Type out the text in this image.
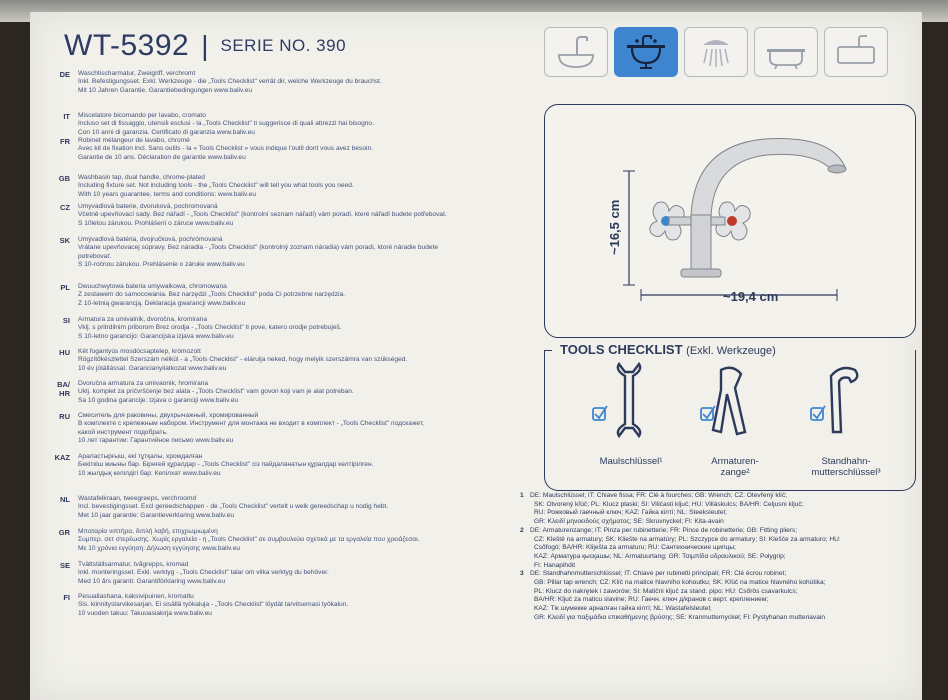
WT-5392 | SERIE NO. 390
DE Waschtischarmatur, Zweigriff, verchromt
Inkl. Befestigungsset. Exkl. Werkzeuge - die „Tools Checklist" verrät dir, welche Werkzeuge du brauchst.
Mit 10 Jahren Garantie. Garantiebedingungen www.baliv.eu
IT Miscelatore bicomando per lavabo, cromato
Incluso set di fissaggio, utensili esclusi - la „Tools Checklist" ti suggerisce di quali attrezzi hai bisogno.
Con 10 anni di garanzia. Certificato di garanzia www.baliv.eu
FR Robinet mélangeur de lavabo, chromé
Avec kit de fixation incl. Sans outils - la « Tools Checklist » vous indique l'outil dont vous avez besoin.
Garantie de 10 ans. Déclaration de garantie www.baliv.eu
GB Washbasin tap, dual handle, chrome-plated
Including fixture set. Not including tools - the „Tools Checklist" will tell you what tools you need.
With 10 years guarantee, terms and conditions: www.baliv.eu
CZ Umyvadlová baterie, dvoruková, pochromovaná
Včetně upevňovací sady. Bez nářadí - „Tools Checklist" (kontrolní seznam nářadí) vám poradí, které nářadí budete potřebovat.
S 10letou zárukou. Prohlášení o záruce www.baliv.eu
SK Umývadlová batéria, dvojručková, pochrómovaná
Vrátane upevňovacej súpravy. Bez náradia - „Tools Checklist" (kontrolný zoznam náradia) vám poradí, ktoré náradie budete
potrebovať.
S 10-ročnou zárukou. Prehlásenie o záruke www.baliv.eu
PL Dwuuchwytowa bateria umywalkowa, chromowana
Z zestawem do samocowania. Bez narzędzi „Tools Checklist" poda Ci potrzebne narzędzia.
Z 10-letnią gwarancją. Deklaracja gwarancji www.baliv.eu
SI Armatura za umivalnik, dvoročna, kromirana
Vklj. s pritrdilnim priborom Brez orodja - „Tools Checklist" ti pove, katero orodje potrebuješ.
S 10-letno garancijo: Garancijska izjava www.baliv.eu
HU Két fogantyús mosdócsaptelep, krómozott
Rögzítőkészlettel Szerszám nélkül - a „Tools Checklist" - elárulja neked, hogy melyik szerszámra van szükséged.
10 év jótállással. Garancianyilatkozat www.baliv.eu
BA/
HR
Dvoručna armatura za umivaonik, hromirana
Uklj. komplet za pričvršćenje bez alata - „Tools Checklist" vam govori koji vam je alat potreban.
Sa 10 godina garancije: Izjava o garanciji www.baliv.eu
RU Смеситель для раковины, двухрычажный, хромированный
В комплекте с крепежным набором. Инструмент для монтажа не входит в комплект - „Tools Checklist" подскажет,
какой инструмент подобрать.
10 лет гарантии: Гарантийное письмо www.baliv.eu
KAZ Араластырғыш, екі тұтқалы, хромдалған
Бекіткіш жиыны бар. Біреғей құралдар - „Tools Checklist" сіз пайдаланатын құралдар келтірілген.
10 жылдық кепілдігі бар: Кепілхат www.baliv.eu
NL Wastafelkraan, tweegreeps, verchroomd
Incl. bevestigingsset. Excl gereedschappen - de „Tools Checklist" vertelt u welk gereedschap u nodig hebt.
Met 10 jaar garantie: Garantieverklaring www.baliv.eu
GR Μπαταρία νιπτήρα, διπλή λαβή, επιχρωμιωμένη
Συμπερ. σετ στερέωσης. Χωρίς εργαλεία - η „Tools Checklist" σε συμβουλεύει σχετικά με τα εργαλεία που χρειάζεσαι.
Με 10 χρόνια εγγύηση: Δήλωση εγγύησης www.baliv.eu
SE Tvättställsarmatur, tvågrepps, kromad
Inkl. monteringsset. Exkl. verktyg - „Tools Checklist" talar om vilka verktyg du behöver.
Med 10 års garanti: Garantiförklaring www.baliv.eu
FI Pesuallashana, kaksivipuinen, kromattu
Sis. kiinnitystarvikesarjan. Ei sisällä työkaluja - „Tools Checklist" löydät tarvitsemasi työkalun.
10 vuoden takuu: Takuuasiakirja www.baliv.eu
~16,5 cm
~19,4 cm
Maulschlüssel¹	Armaturen-
zange²
Standhahn-
mutterschlüssel³
TOOLS CHECKLIST (Exkl. Werkzeuge)
1 DE: Maulschlüssel; IT: Chiave fissa; FR: Clé à fourches; GB: Wrench; CZ: Otevřený klíč;
SK: Otvorený kľúč; PL: Klucz płaski; SI: Viličasti ključ; HU: Villáskulcs; BA/HR: Čeljusni ključ;
RU: Рожковый гаечный ключ; KAZ: Гайка кілті; NL: Steeksleutel;
GR: Κλειδί μηνοειδούς σχήματος; SE: Skruvnyckel; FI: Kita-avain
2 DE: Armaturenzange; IT: Pinza per rubinetterie; FR: Pince de robinetterie; GB: Fitting pliers;
CZ: Kleště na armatury; SK: Kliešte na armatúry; PL: Szczypce do armatury; SI: Klešče za armaturo; HU:
Csőfogó; BA/HR: Kliješta za armaturu; RU: Сантехнические щипцы;
KAZ: Арматура қысқашы; NL: Armatuurtang; GR: Τσιμπίδα υδραυλικού; SE: Polygrip;
FI: Hanapihdit
3 DE: Standhahnmutterschlüssel; IT: Chiave per rubinetti principali; FR: Clé écrou robinet;
GB: Pillar tap wrench; CZ: Klíč na matice hlavního kohoutku; SK: Kľúč na matice hlavného kohútika;
PL: Klucz do nakrętek i zaworów; SI: Matični ključ za stand. pipo; HU: Csőrös csavarkulcs;
BA/HR: Ključ za maticu slavine; RU: Гаечн. ключ д/кранов с верт. креплением;
KAZ: Тік шүмекке арналған гайка кілті; NL: Wastafelsleutel;
GR: Κλειδί για παξιμάδια επικαθήμενης βρύσης; SE: Kranmutternyckel; FI: Pystyhanan mutteriavain
